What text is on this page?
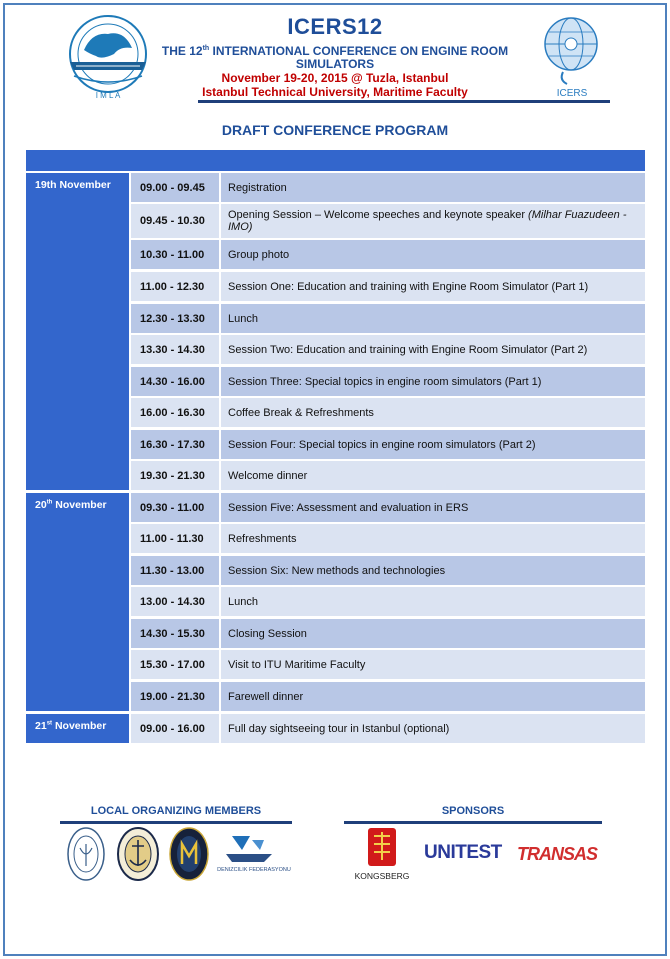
I M L A	ICERS
ICERS12
THE 12th INTERNATIONAL CONFERENCE ON ENGINE ROOM
SIMULATORS
November 19-20, 2015 @ Tuzla, Istanbul
Istanbul Technical University, Maritime Faculty
DRAFT CONFERENCE PROGRAM
19th November	09.00 - 09.45	Registration
09.45 - 10.30	Opening Session – Welcome speeches and keynote speaker (Milhar Fuazudeen - IMO)
10.30 - 11.00	Group photo
11.00 - 12.30	Session One: Education and training with Engine Room Simulator (Part 1)
12.30 - 13.30	Lunch
13.30 - 14.30	Session Two: Education and training with Engine Room Simulator (Part 2)
14.30 - 16.00	Session Three: Special topics in engine room simulators (Part 1)
16.00 - 16.30	Coffee Break & Refreshments
16.30 - 17.30	Session Four: Special topics in engine room simulators (Part 2)
19.30 - 21.30	Welcome dinner
20th November	09.30 - 11.00	Session Five: Assessment and evaluation in ERS
11.00 - 11.30	Refreshments
11.30 - 13.00	Session Six: New methods and technologies
13.00 - 14.30	Lunch
14.30 - 15.30	Closing Session
15.30 - 17.00	Visit to ITU Maritime Faculty
19.00 - 21.30	Farewell dinner
21st November	09.00 - 16.00	Full day sightseeing tour in Istanbul (optional)
LOCAL ORGANIZING MEMBERS
DENIZCILIK FEDERASYONU
SPONSORS
KONGSBERG
UNITEST TRANSAS
